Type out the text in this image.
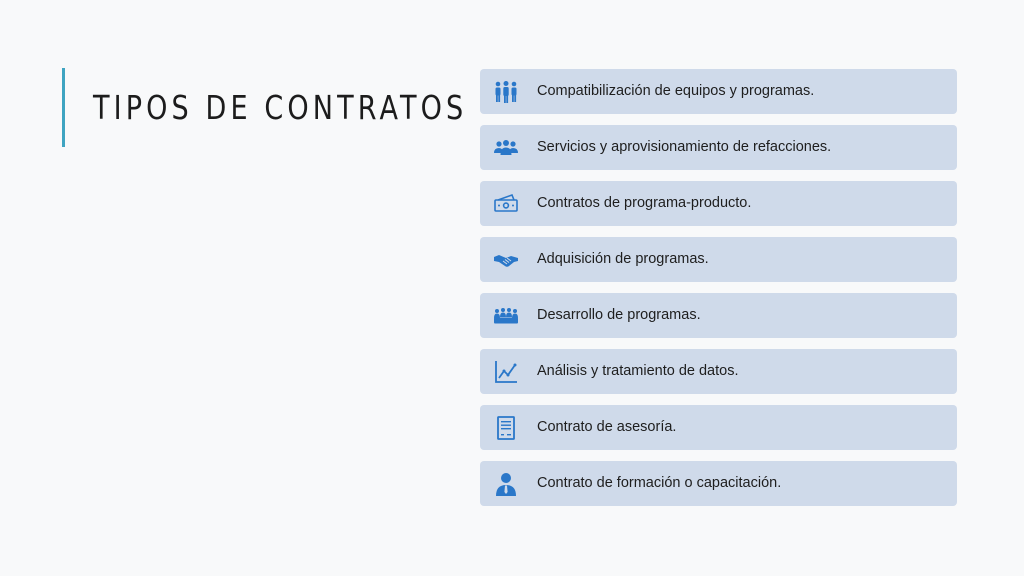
TIPOS DE CONTRATOS	Compatibilización de equipos y programas.
Servicios y aprovisionamiento de refacciones.
Contratos de programa-producto.
Adquisición de programas.
Desarrollo de programas.
Análisis y tratamiento de datos.
Contrato de asesoría.
Contrato de formación o capacitación.
